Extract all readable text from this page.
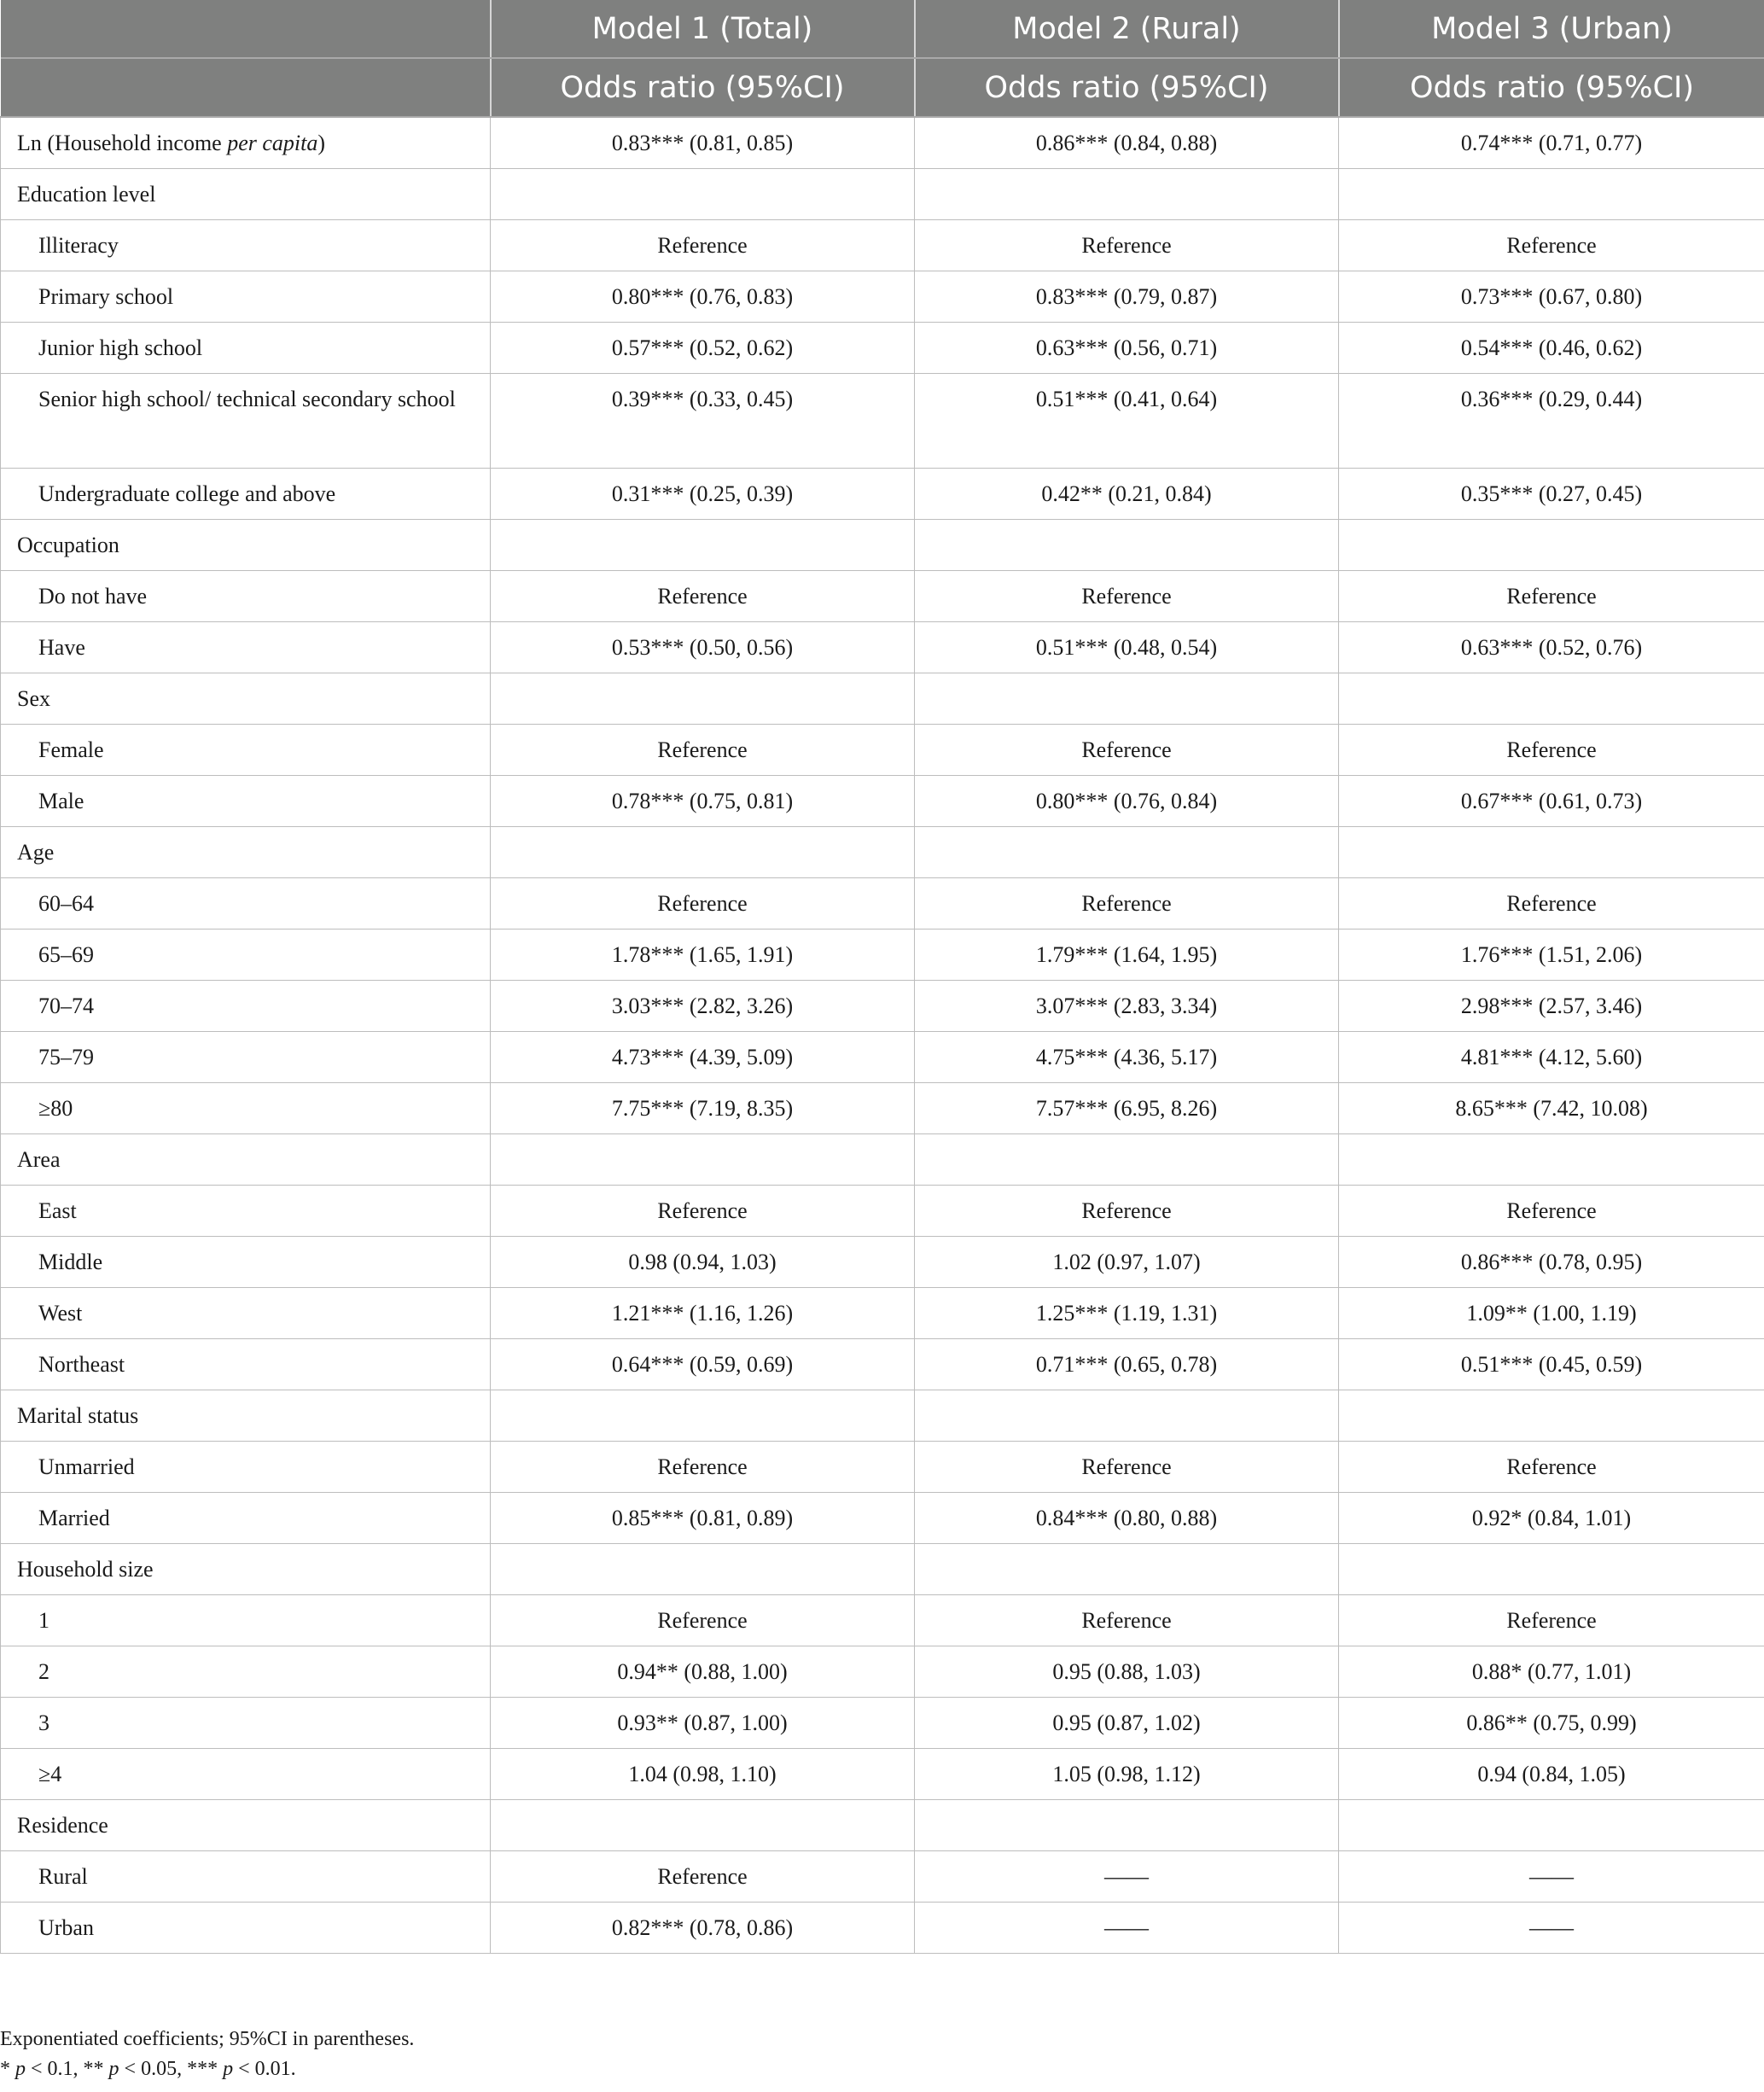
	Model 1 (Total)	Model 2 (Rural)	Model 3 (Urban)
	Odds ratio (95%CI)	Odds ratio (95%CI)	Odds ratio (95%CI)
Ln (Household income per capita)	0.83*** (0.81, 0.85)	0.86*** (0.84, 0.88)	0.74*** (0.71, 0.77)
Education level			
Illiteracy	Reference	Reference	Reference
Primary school	0.80*** (0.76, 0.83)	0.83*** (0.79, 0.87)	0.73*** (0.67, 0.80)
Junior high school	0.57*** (0.52, 0.62)	0.63*** (0.56, 0.71)	0.54*** (0.46, 0.62)
Senior high school/ technical secondary school	0.39*** (0.33, 0.45)	0.51*** (0.41, 0.64)	0.36*** (0.29, 0.44)
Undergraduate college and above	0.31*** (0.25, 0.39)	0.42** (0.21, 0.84)	0.35*** (0.27, 0.45)
Occupation			
Do not have	Reference	Reference	Reference
Have	0.53*** (0.50, 0.56)	0.51*** (0.48, 0.54)	0.63*** (0.52, 0.76)
Sex			
Female	Reference	Reference	Reference
Male	0.78*** (0.75, 0.81)	0.80*** (0.76, 0.84)	0.67*** (0.61, 0.73)
Age			
60–64	Reference	Reference	Reference
65–69	1.78*** (1.65, 1.91)	1.79*** (1.64, 1.95)	1.76*** (1.51, 2.06)
70–74	3.03*** (2.82, 3.26)	3.07*** (2.83, 3.34)	2.98*** (2.57, 3.46)
75–79	4.73*** (4.39, 5.09)	4.75*** (4.36, 5.17)	4.81*** (4.12, 5.60)
≥80	7.75*** (7.19, 8.35)	7.57*** (6.95, 8.26)	8.65*** (7.42, 10.08)
Area			
East	Reference	Reference	Reference
Middle	0.98 (0.94, 1.03)	1.02 (0.97, 1.07)	0.86*** (0.78, 0.95)
West	1.21*** (1.16, 1.26)	1.25*** (1.19, 1.31)	1.09** (1.00, 1.19)
Northeast	0.64*** (0.59, 0.69)	0.71*** (0.65, 0.78)	0.51*** (0.45, 0.59)
Marital status			
Unmarried	Reference	Reference	Reference
Married	0.85*** (0.81, 0.89)	0.84*** (0.80, 0.88)	0.92* (0.84, 1.01)
Household size			
1	Reference	Reference	Reference
2	0.94** (0.88, 1.00)	0.95 (0.88, 1.03)	0.88* (0.77, 1.01)
3	0.93** (0.87, 1.00)	0.95 (0.87, 1.02)	0.86** (0.75, 0.99)
≥4	1.04 (0.98, 1.10)	1.05 (0.98, 1.12)	0.94 (0.84, 1.05)
Residence			
Rural	Reference	——	——
Urban	0.82*** (0.78, 0.86)	——	——
Exponentiated coefficients; 95%CI in parentheses.
* p < 0.1, ** p < 0.05, *** p < 0.01.
